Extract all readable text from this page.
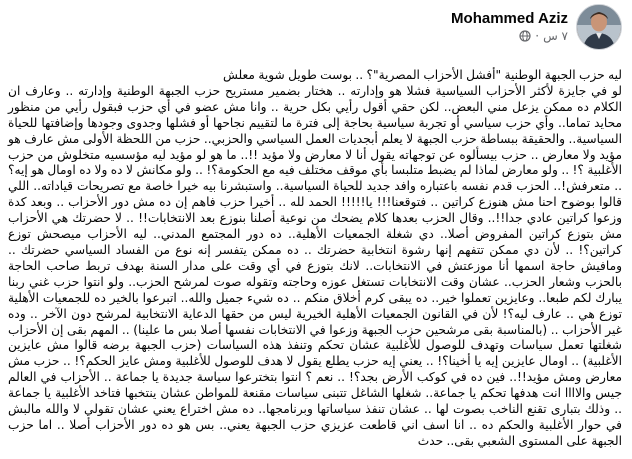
Mohammed Aziz
٧ س
·
ليه حزب الجبهة الوطنية "أفشل الأحزاب المصرية"؟ .. بوست طويل شوية معلش
لو في جايزة لأكثر الأحزاب السياسية فشلا هو وإدارته .. هختار بضمير مستريح حزب الجبهة الوطنية وإدارته .. وعارف ان الكلام ده ممكن يزعل مني البعض.. لكن حقي أقول رأيي بكل حرية .. وانا مش عضو في أي حزب فبقول رأيي من منظور محايد تماما.. وأي حزب سياسي أو تجربة سياسية بحاجة إلى فترة ما لتقييم نجاحها أو فشلها وجدوى وجودها وإضافتها للحياة السياسية.. والحقيقة ببساطة حزب الجبهة لا يعلم أبجديات العمل السياسي والحزبي.. حزب من اللحظة الأولى مش عارف هو مؤيد ولا معارض .. حزب بيسألوه عن توجهاته يقول أنا لا معارض ولا مؤيد !!.. ما هو لو مؤيد ليه مؤسسيه متخلوش من حزب الأغلبية ؟! .. ولو معارض لماذا لم يضبط متلبسا بأي موقف مختلف فيه مع الحكومة؟! .. ولو مكانش لا ده ولا ده اومال هو إيه؟ .. متعرفش!.. الحزب قدم نفسه باعتباره وافد جديد للحياة السياسية.. واستبشرنا بيه خيرا خاصة مع تصريحات قياداته.. اللي قالوا بوضوح احنا مش هنوزع كراتين .. فتوقعنا!!! يا!!!!! الحمد لله .. أخيرا حزب فاهم إن ده مش دور الأحزاب .. وبعد كدة وزعوا كراتين عادي جدا!!.. وقال الحزب بعدها كلام يضحك من نوعية أصلنا بنوزع بعد الانتخابات!! .. لا حضرتك هي الأحزاب مش بتوزع كراتين المفروض أصلا.. دي شغلة الجمعيات الأهلية.. ده دور المجتمع المدني.. ليه الأحزاب ميصحش توزع كراتين؟! .. لأن دي ممكن تتفهم إنها رشوة انتخابية حضرتك .. ده ممكن يتفسر إنه نوع من الفساد السياسي حضرتك .. ومافيش حاجة اسمها أنا موزعتش في الانتخابات.. لانك بتوزع في أي وقت على مدار السنة بهدف تربط صاحب الحاجة بالحزب وشعار الحزب.. عشان وقت الانتخابات تستغل عوزه وحاجته وتقوله صوت لمرشح الحزب.. ولو انتوا حزب غني ربنا يبارك لكم طبعا.. وعايزين تعملوا خير.. ده يبقى كرم أخلاق منكم .. ده شيء جميل والله.. اتبرعوا بالخير ده للجمعيات الأهلية توزع هي .. عارف ليه؟! لأن في القانون الجمعيات الأهلية الخيرية ليس من حقها الدعاية الانتخابية لمرشح دون الآخر .. وده غير الأحزاب .. (بالمناسبة بقى مرشحين حزب الجبهة وزعوا في الانتخابات نفسها أصلا بس ما علينا) .. المهم بقى إن الأحزاب شغلتها تعمل سياسات وتهدف للوصول للأغلبية عشان تحكم وتنفذ هذه السياسات (حزب الجبهة برضه قالوا مش عايزين الأغلبية) .. اومال عايزين إيه يا أخينا؟! .. يعني إيه حزب يطلع يقول لا هدف للوصول للأغلبية ومش عايز الحكم؟! .. حزب مش معارض ومش مؤيد!!.. فين ده في كوكب الأرض بجد؟! .. نعم ؟ انتوا بتخترعوا سياسة جديدة يا جماعة .. الأحزاب في العالم جيس والاااا انت هدفها تحكم يا جماعة.. شغلها الشاغل تتبنى سياسات مقنعة للمواطن عشان ينتخبها فتاخد الأغلبية يا جماعة .. وذلك بتبارى تقنع الناخب بصوت لها .. عشان تنفذ سياساتها وبرنامجها.. ده مش اختراع يعني عشان تقولي لا والله مالبش في حوار الأغلبية والحكم ده .. انا اسف اني قاطعت عزيزي حزب الجبهة يعني.. بس هو ده دور الأحزاب أصلا .. اما حزب الجبهة على المستوى الشعبي بقى.. حدث
